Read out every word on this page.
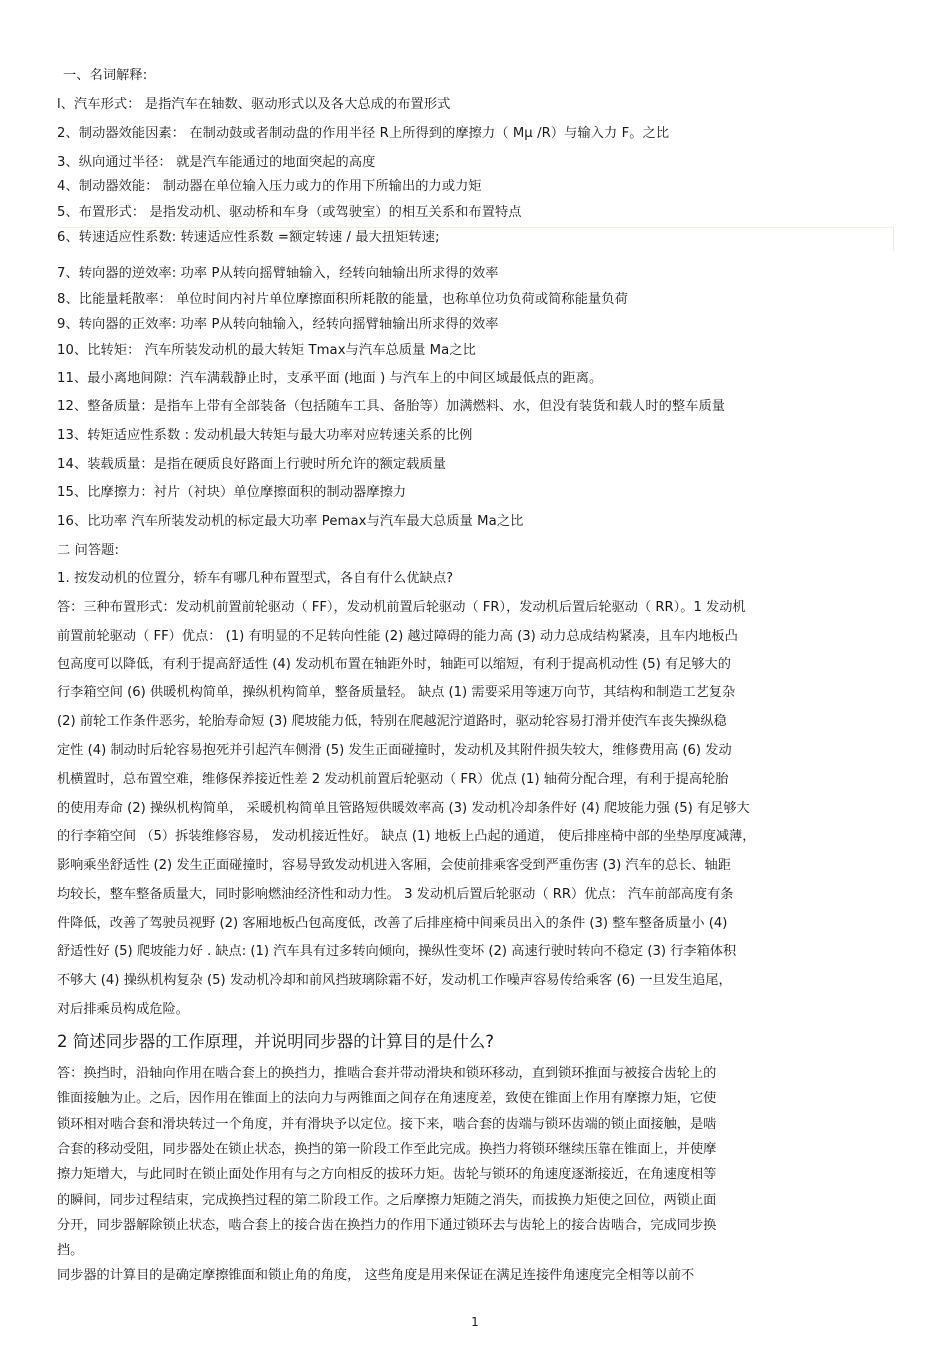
一、名词解释:
l、汽车形式： 是指汽车在轴数、驱动形式以及各大总成的布置形式
2、制动器效能因素： 在制动鼓或者制动盘的作用半径 R上所得到的摩擦力（ Mμ /R）与输入力 F。之比
3、纵向通过半径： 就是汽车能通过的地面突起的高度
4、制动器效能： 制动器在单位输入压力或力的作用下所输出的力或力矩
5、布置形式： 是指发动机、驱动桥和车身（或驾驶室）的相互关系和布置特点
6、转速适应性系数: 转速适应性系数 =额定转速 / 最大扭矩转速;
7、转向器的逆效率: 功率 P从转向摇臂轴输入，经转向轴输出所求得的效率
8、比能量耗散率： 单位时间内衬片单位摩擦面积所耗散的能量，也称单位功负荷或简称能量负荷
9、转向器的正效率: 功率 P从转向轴输入，经转向摇臂轴输出所求得的效率
10、比转矩： 汽车所装发动机的最大转矩 Tmax与汽车总质量 Ma之比
11、最小离地间隙：汽车满载静止时，支承平面 (地面 ) 与汽车上的中间区域最低点的距离。
12、整备质量：是指车上带有全部装备（包括随车工具、备胎等）加满燃料、水，但没有装货和载人时的整车质量
13、转矩适应性系数 : 发动机最大转矩与最大功率对应转速关系的比例
14、装载质量：是指在硬质良好路面上行驶时所允许的额定载质量
15、比摩擦力：衬片（衬块）单位摩擦面积的制动器摩擦力
16、比功率 汽车所装发动机的标定最大功率 Pemax与汽车最大总质量 Ma之比
二 问答题:
1. 按发动机的位置分，轿车有哪几种布置型式，各自有什么优缺点?
答：三种布置形式：发动机前置前轮驱动（ FF），发动机前置后轮驱动（ FR），发动机后置后轮驱动（ RR）。1 发动机
前置前轮驱动（ FF）优点： (1) 有明显的不足转向性能 (2) 越过障碍的能力高 (3) 动力总成结构紧凑，且车内地板凸
包高度可以降低，有利于提高舒适性 (4) 发动机布置在轴距外时，轴距可以缩短，有利于提高机动性 (5) 有足够大的
行李箱空间 (6) 供暖机构简单，操纵机构简单，整备质量轻。 缺点 (1) 需要采用等速万向节，其结构和制造工艺复杂
(2) 前轮工作条件恶劣，轮胎寿命短 (3) 爬坡能力低，特别在爬越泥泞道路时，驱动轮容易打滑并使汽车丧失操纵稳
定性 (4) 制动时后轮容易抱死并引起汽车侧滑 (5) 发生正面碰撞时，发动机及其附件损失较大，维修费用高 (6) 发动
机横置时，总布置空难，维修保养接近性差 2 发动机前置后轮驱动（ FR）优点 (1) 轴荷分配合理，有利于提高轮胎
的使用寿命 (2) 操纵机构简单， 采暖机构简单且管路短供暖效率高 (3) 发动机冷却条件好 (4) 爬坡能力强 (5) 有足够大
的行李箱空间 （5）拆装维修容易， 发动机接近性好。 缺点 (1) 地板上凸起的通道， 使后排座椅中部的坐垫厚度减薄，
影响乘坐舒适性 (2) 发生正面碰撞时，容易导致发动机进入客厢，会使前排乘客受到严重伤害 (3) 汽车的总长、轴距
均较长，整车整备质量大，同时影响燃油经济性和动力性。 3 发动机后置后轮驱动（ RR）优点： 汽车前部高度有条
件降低，改善了驾驶员视野 (2) 客厢地板凸包高度低，改善了后排座椅中间乘员出入的条件 (3) 整车整备质量小 (4)
舒适性好 (5) 爬坡能力好 . 缺点: (1) 汽车具有过多转向倾向，操纵性变坏 (2) 高速行驶时转向不稳定 (3) 行李箱体积
不够大 (4) 操纵机构复杂 (5) 发动机冷却和前风挡玻璃除霜不好，发动机工作噪声容易传给乘客 (6) 一旦发生追尾，
对后排乘员构成危险。
2 简述同步器的工作原理，并说明同步器的计算目的是什么?
答：换挡时，沿轴向作用在啮合套上的换挡力，推啮合套并带动滑块和锁环移动，直到锁环推面与被接合齿轮上的
锥面接触为止。之后，因作用在锥面上的法向力与两锥面之间存在角速度差，致使在锥面上作用有摩擦力矩，它使
锁环相对啮合套和滑块转过一个角度，并有滑块予以定位。接下来，啮合套的齿端与锁环齿端的锁止面接触，是啮
合套的移动受阻，同步器处在锁止状态，换挡的第一阶段工作至此完成。换挡力将锁环继续压靠在锥面上，并使摩
擦力矩增大，与此同时在锁止面处作用有与之方向相反的拔环力矩。齿轮与锁环的角速度逐渐接近，在角速度相等
的瞬间，同步过程结束，完成换挡过程的第二阶段工作。之后摩擦力矩随之消失，而拔换力矩使之回位，两锁止面
分开，同步器解除锁止状态，啮合套上的接合齿在换挡力的作用下通过锁环去与齿轮上的接合齿啮合，完成同步换
挡。
同步器的计算目的是确定摩擦锥面和锁止角的角度， 这些角度是用来保证在满足连接件角速度完全相等以前不
1
